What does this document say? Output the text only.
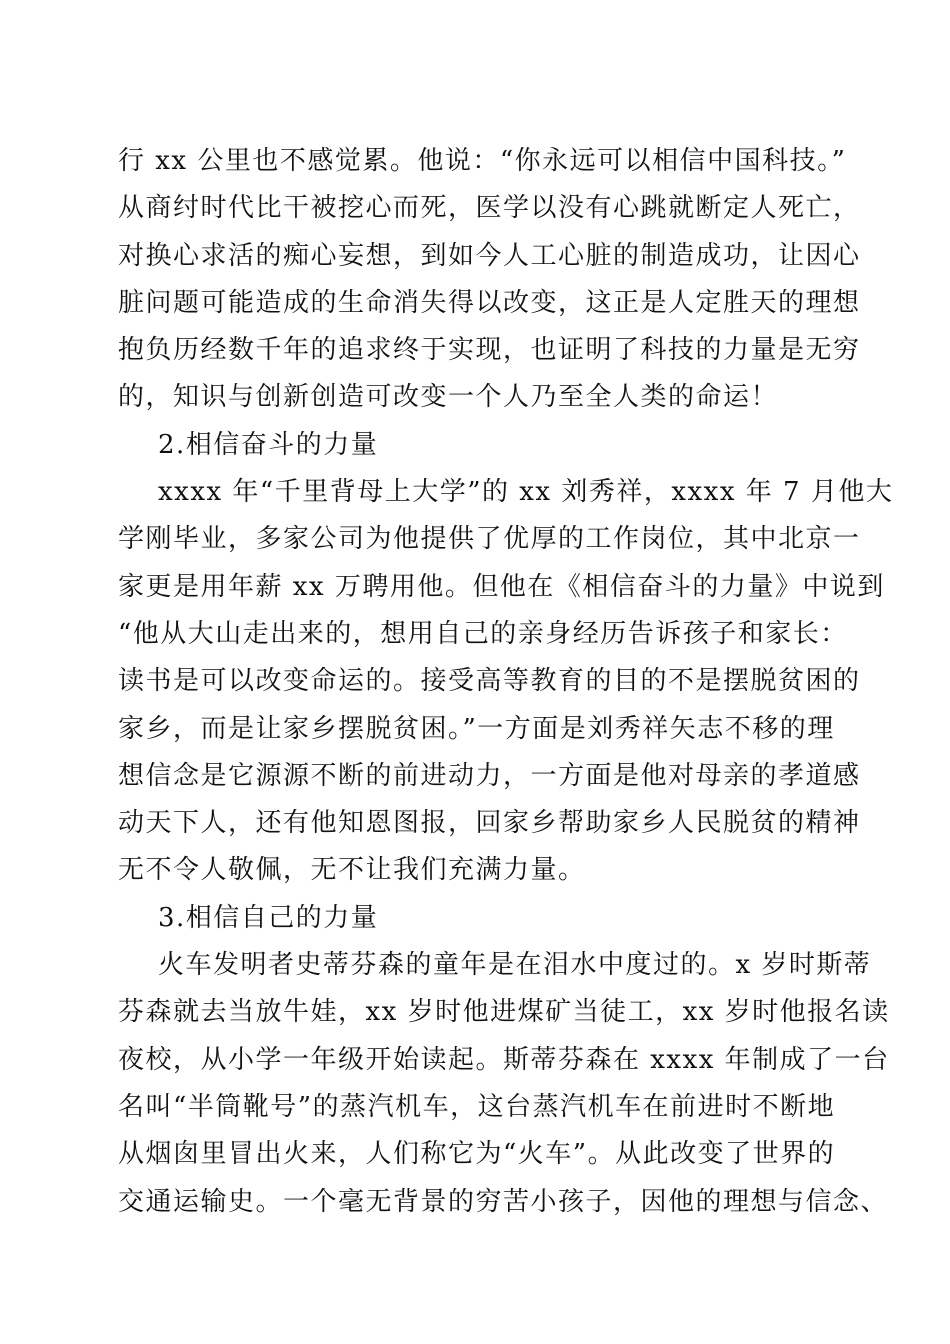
行 xx 公里也不感觉累。他说：“你永远可以相信中国科技。”
从商纣时代比干被挖心而死，医学以没有心跳就断定人死亡，
对换心求活的痴心妄想，到如今人工心脏的制造成功，让因心
脏问题可能造成的生命消失得以改变，这正是人定胜天的理想
抱负历经数千年的追求终于实现，也证明了科技的力量是无穷
的，知识与创新创造可改变一个人乃至全人类的命运！
2.相信奋斗的力量
xxxx 年“千里背母上大学”的 xx 刘秀祥，xxxx 年 7 月他大
学刚毕业，多家公司为他提供了优厚的工作岗位，其中北京一
家更是用年薪 xx 万聘用他。但他在《相信奋斗的力量》中说到
“他从大山走出来的，想用自己的亲身经历告诉孩子和家长：
读书是可以改变命运的。接受高等教育的目的不是摆脱贫困的
家乡，而是让家乡摆脱贫困。”一方面是刘秀祥矢志不移的理
想信念是它源源不断的前进动力，一方面是他对母亲的孝道感
动天下人，还有他知恩图报，回家乡帮助家乡人民脱贫的精神
无不令人敬佩，无不让我们充满力量。
3.相信自己的力量
火车发明者史蒂芬森的童年是在泪水中度过的。x 岁时斯蒂
芬森就去当放牛娃，xx 岁时他进煤矿当徒工，xx 岁时他报名读
夜校，从小学一年级开始读起。斯蒂芬森在 xxxx 年制成了一台
名叫“半筒靴号”的蒸汽机车，这台蒸汽机车在前进时不断地
从烟囱里冒出火来，人们称它为“火车”。从此改变了世界的
交通运输史。一个毫无背景的穷苦小孩子，因他的理想与信念、
